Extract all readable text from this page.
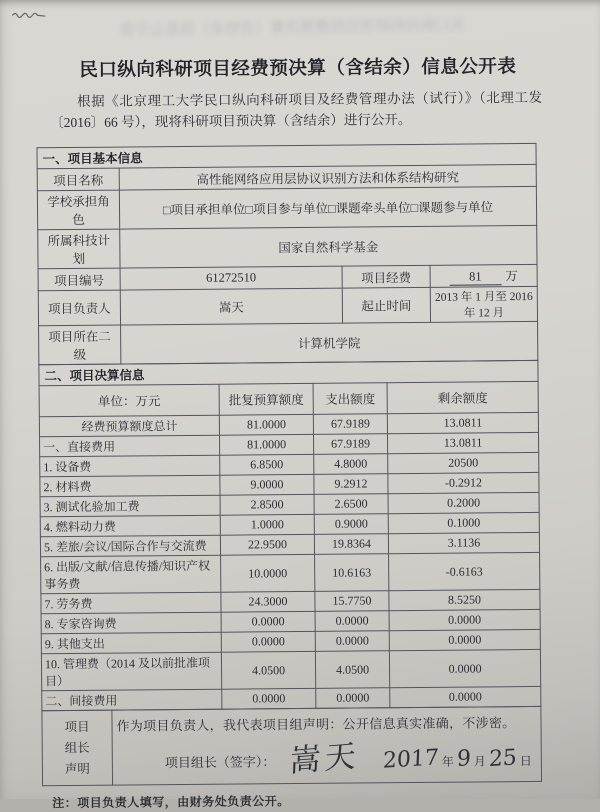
民口纵向科研项目经费预决算（含结余）信息公开表
民口纵向科研项目经费预决算（含结余）信息公开表

根据《北京理工大学民口纵向科研项目及经费管理办法（试行）》（北理工发〔2016〕66 号），现将科研项目预决算（含结余）进行公开。

一、项目基本信息			
项目名称	高性能网络应用层协议识别方法和体系结构研究		
学校承担角色	□项目承担单位□项目参与单位□课题牵头单位□课题参与单位		
所属科技计划	国家自然科学基金		
项目编号	61272510	项目经费	81 万
项目负责人	嵩天	起止时间	2013 年 1 月至 2016 年 12 月
项目所在二级	计算机学院		
二、项目决算信息			
单位：万元	批复预算额度	支出额度	剩余额度
经费预算额度总计	81.0000	67.9189	13.0811
一、直接费用	81.0000	67.9189	13.0811
1. 设备费	6.8500	4.8000	20500
2. 材料费	9.0000	9.2912	-0.2912
3. 测试化验加工费	2.8500	2.6500	0.2000
4. 燃料动力费	1.0000	0.9000	0.1000
5. 差旅/会议/国际合作与交流费	22.9500	19.8364	3.1136
6. 出版/文献/信息传播/知识产权事务费	10.0000	10.6163	-0.6163
7. 劳务费	24.3000	15.7750	8.5250
8. 专家咨询费	0.0000	0.0000	0.0000
9. 其他支出	0.0000	0.0000	0.0000
10. 管理费（2014 及以前批准项目）	4.0500	4.0500	0.0000
二、间接费用	0.0000	0.0000	0.0000
项目
组长
声明

作为项目负责人，我代表项目组声明：公开信息真实准确，不涉密。
项目组长（签字）： 嵩天 2017 年 9 月 25 日
注：项目负责人填写，由财务处负责公开。
